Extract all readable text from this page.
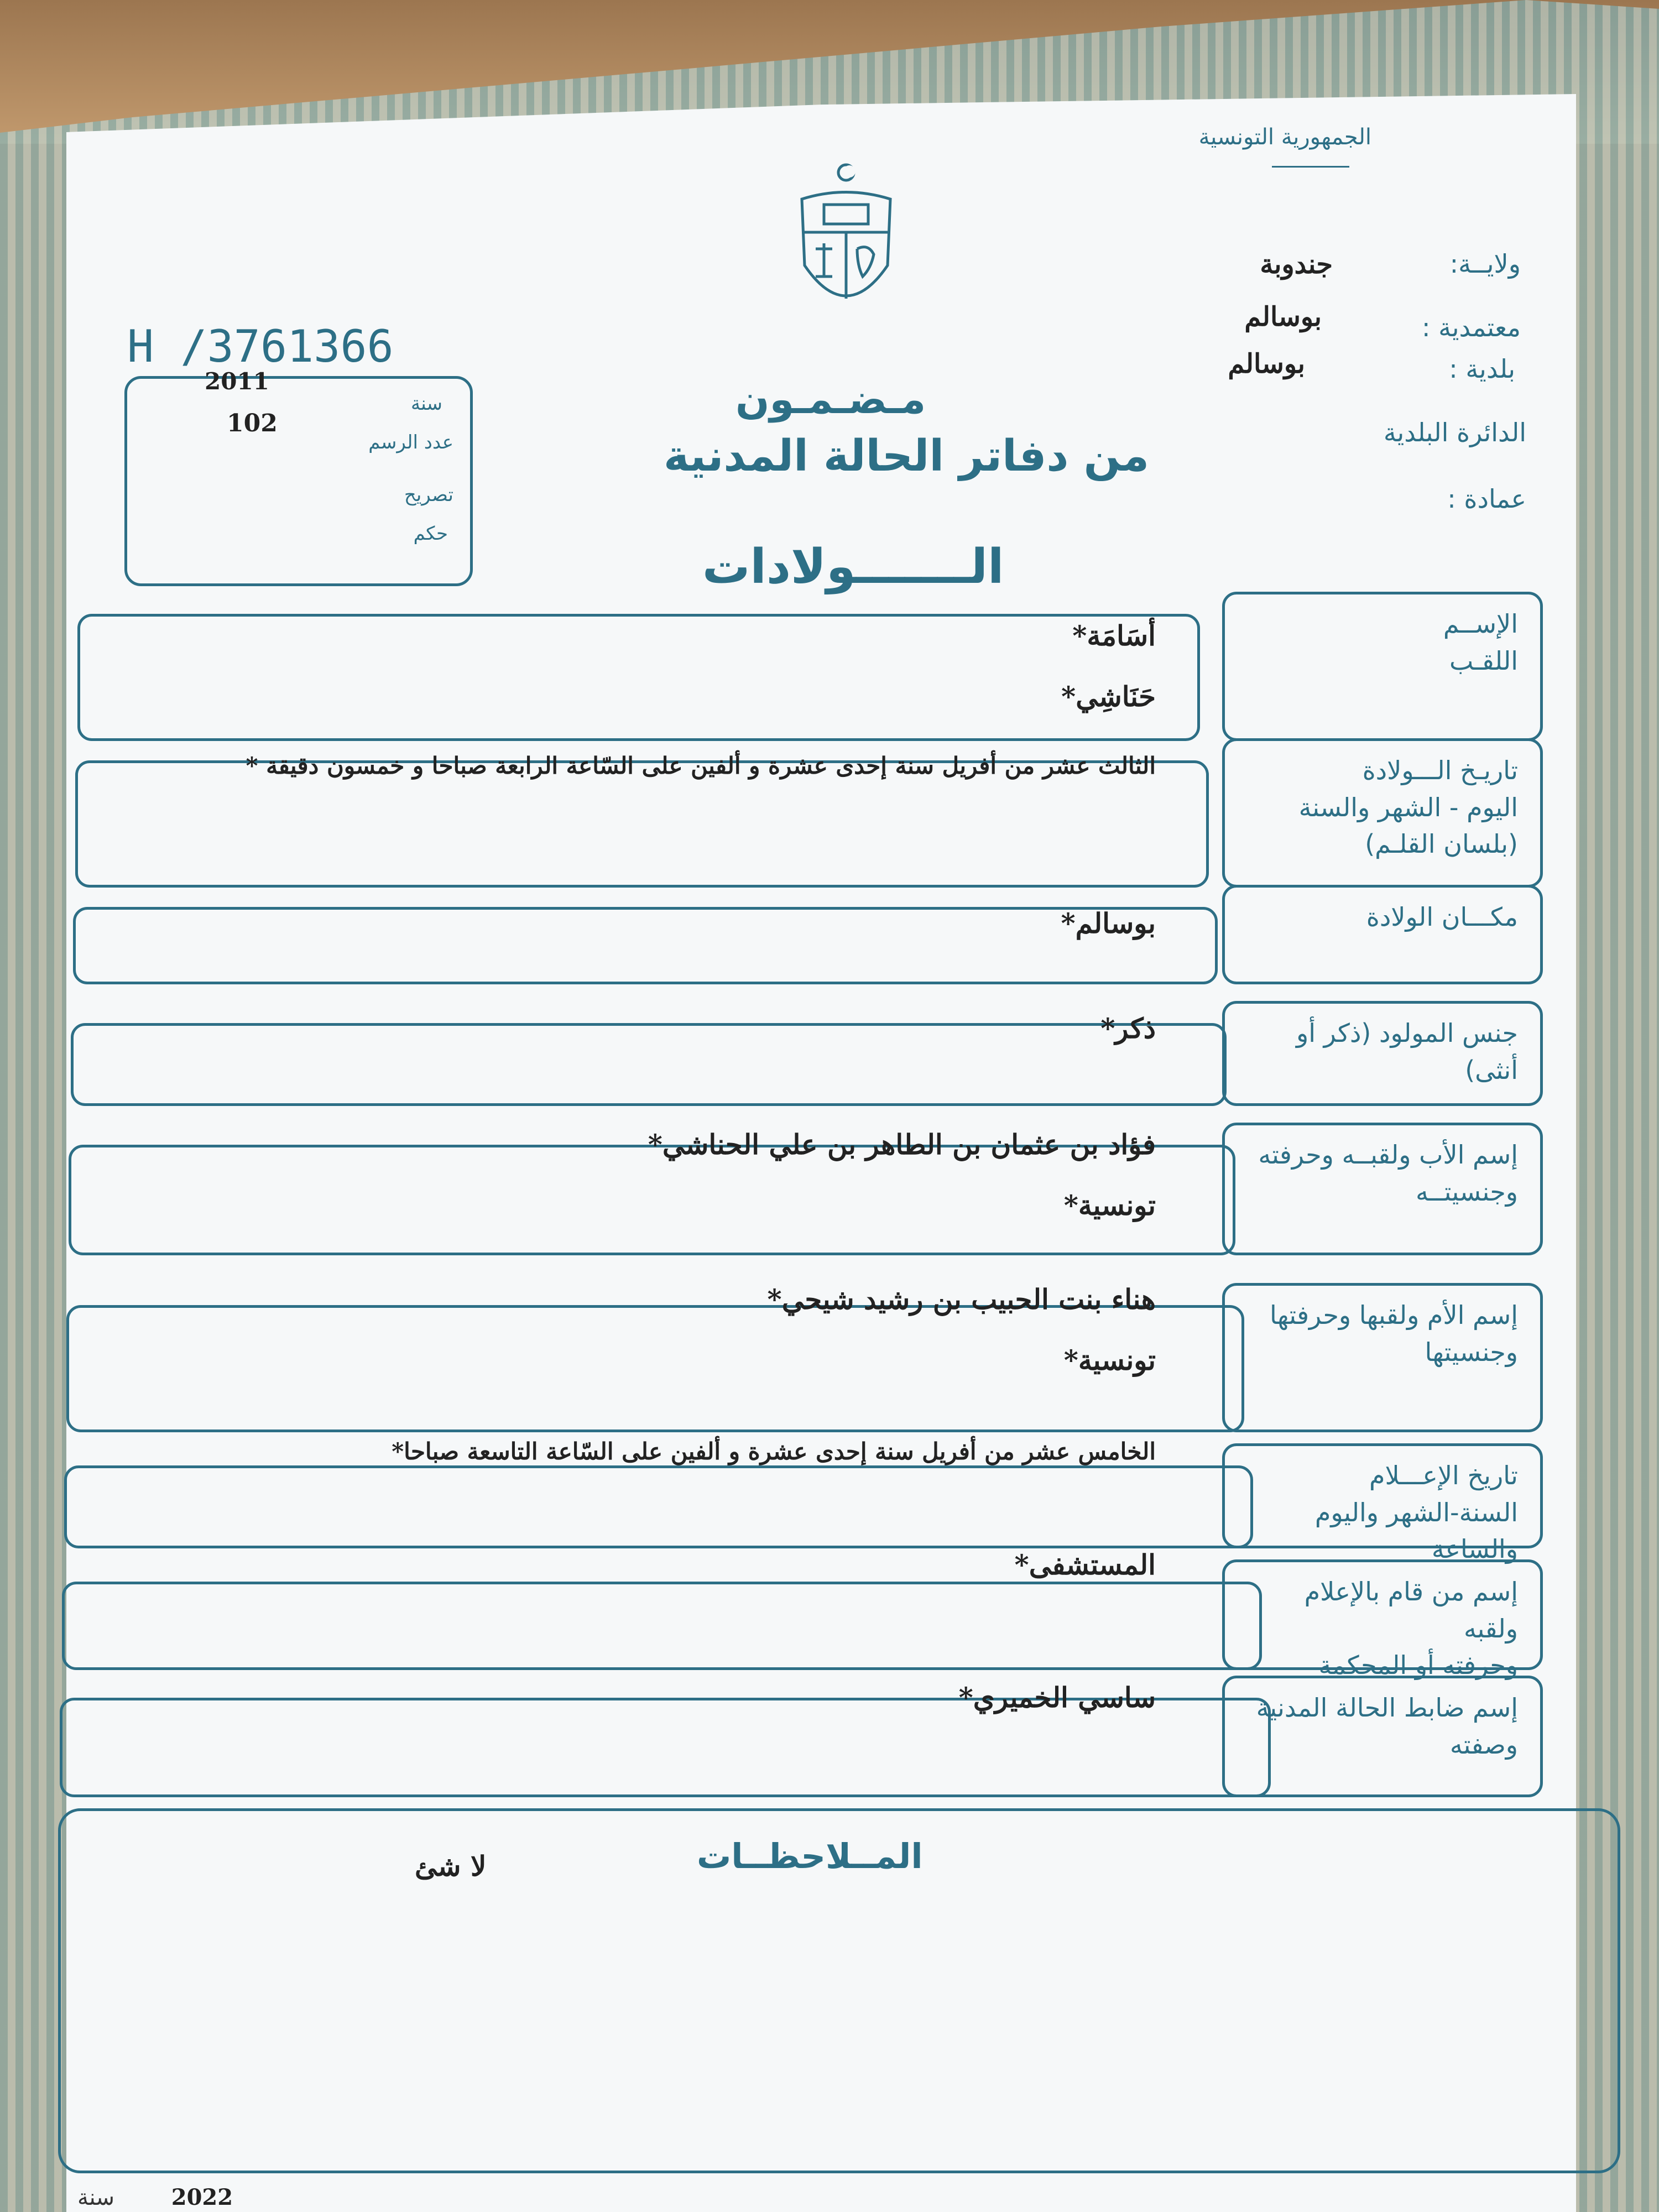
الجمهورية التونسية
ولايــة:
جندوبة
معتمدية :
بوسالم
بلدية :
بوسالم
الدائرة البلدية
عمادة :
H /3761366
2011
سنة
102
عدد الرسم
تصريح
حكم
مـضـمـون
من دفاتر الحالة المدنية
الـــــــولادات
الإســم
اللقـب
أسَامَة*
حَنَاشِي*
تاريـخ الـــولادة
اليوم - الشهر والسنة
(بلسان القلـم)
الثالث عشر من أفريل سنة إحدى عشرة و ألفين على السّاعة الرابعة صباحا و خمسون دقيقة *
مكـــان الولادة
بوسالم*
جنس المولود (ذكر أو أنثى)
ذكر*
إسم الأب ولقبــه وحرفته
وجنسيتــه
فؤاد بن عثمان بن الطاهر بن علي الحناشي*
تونسية*
إسم الأم ولقبها وحرفتها
وجنسيتها
هناء بنت الحبيب بن رشيد شيحي*
تونسية*
تاريخ الإعـــلام
السنة-الشهر واليوم والساعة
الخامس عشر من أفريل سنة إحدى عشرة و ألفين على السّاعة التاسعة صباحا*
إسم من قام بالإعلام ولقبه
وحرفته أو المحكمة
المستشفى*
إسم ضابط الحالة المدنية
وصفته
ساسي الخميري*
المــلاحظــات
لا شئ
2022 سنة
